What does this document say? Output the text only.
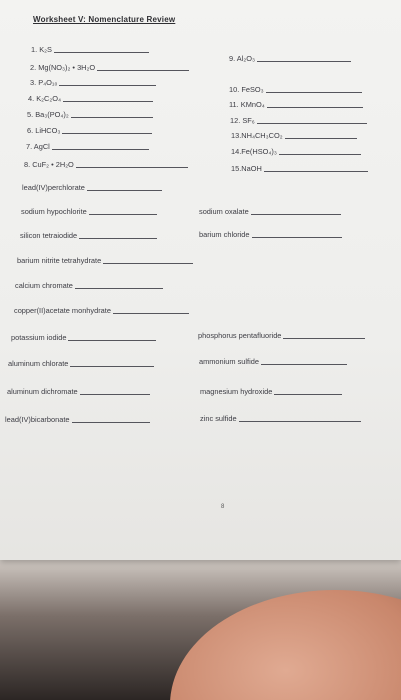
Worksheet V: Nomenclature Review
1. K₂S
2. Mg(NO₃)₂ • 3H₂O
3. P₄O₁₀
4. K₂C₂O₄
5. Ba₃(PO₄)₂
6. LiHCO₃
7. AgCl
8. CuF₂ • 2H₂O
9. Al₂O₃
10. FeSO₃
11. KMnO₄
12. SF₆
13.NH₄CH₃CO₂
14.Fe(HSO₄)₃
15.NaOH
lead(IV)perchlorate
sodium hypochlorite	sodium oxalate
silicon tetraiodide	barium chloride
barium nitrite tetrahydrate
calcium chromate
copper(II)acetate monhydrate
potassium iodide	phosphorus pentafluoride
aluminum chlorate	ammonium sulfide
aluminum dichromate	magnesium hydroxide
lead(IV)bicarbonate	zinc sulfide
8
